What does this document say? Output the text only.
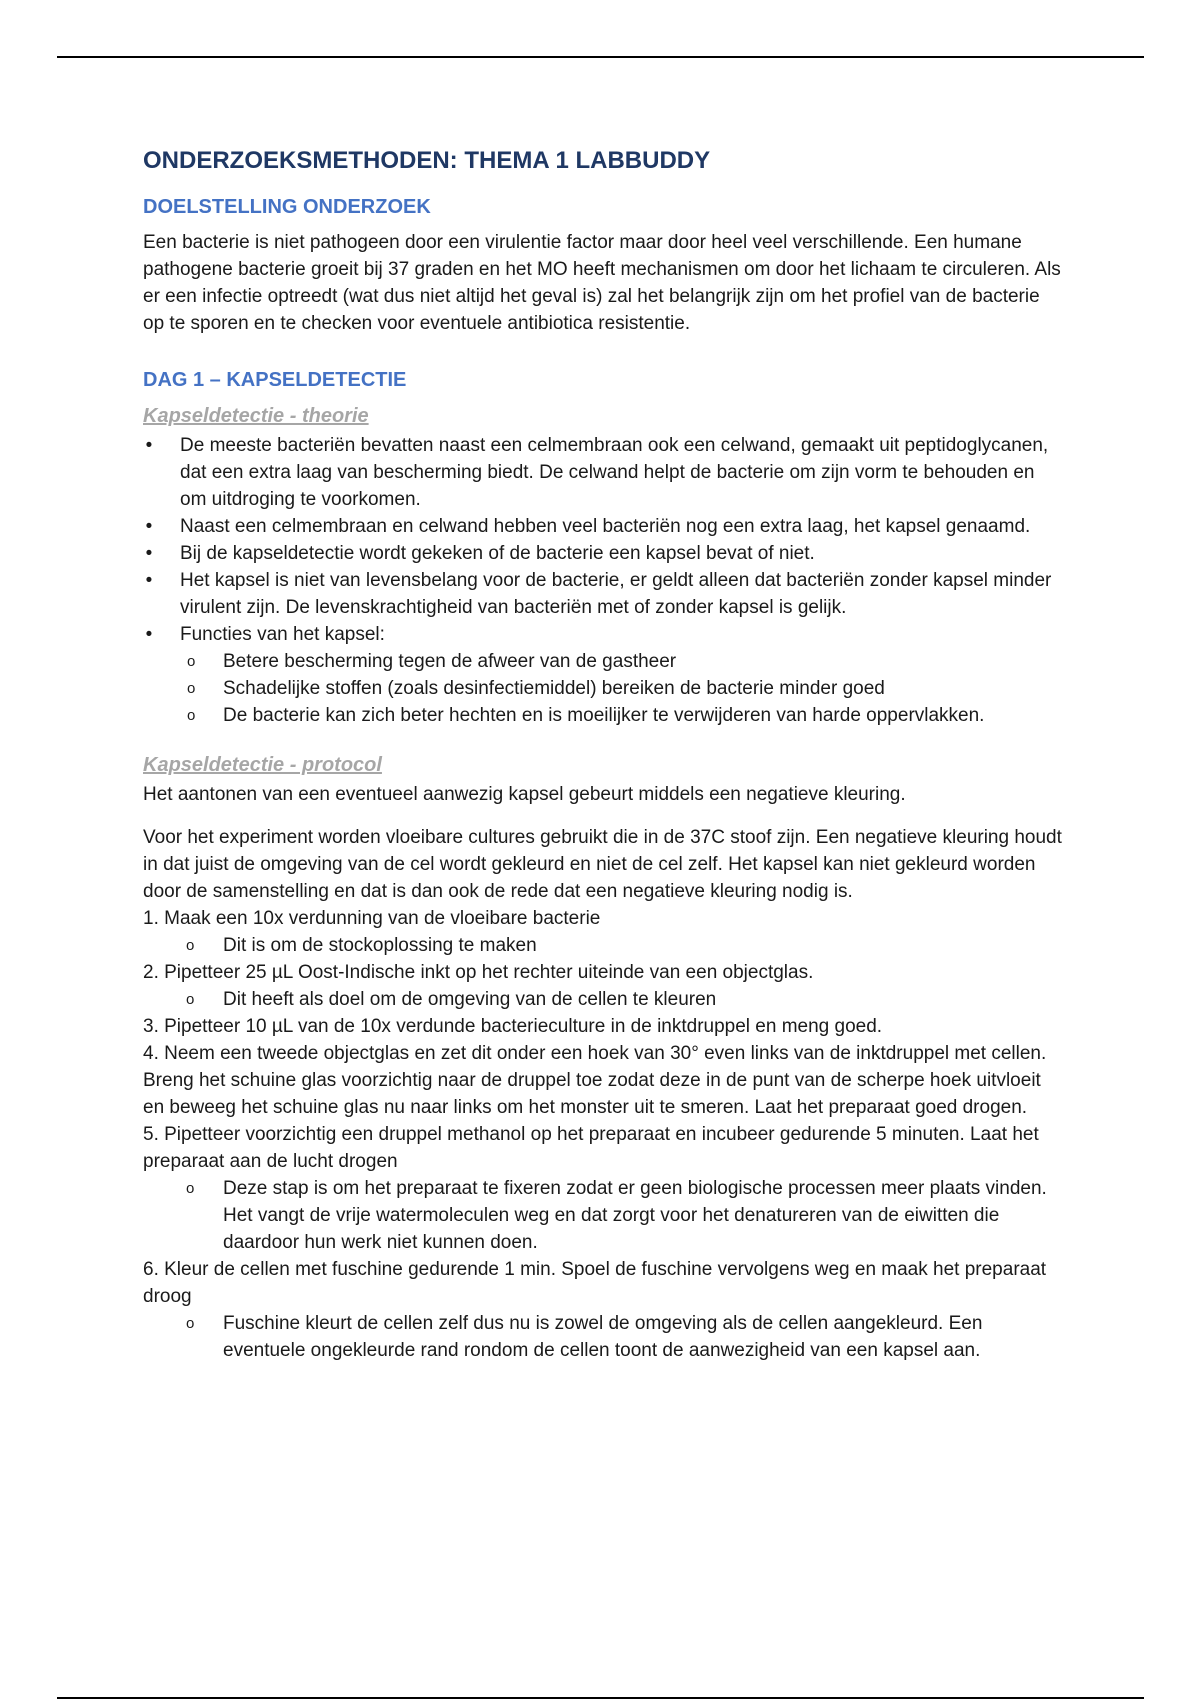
ONDERZOEKSMETHODEN: THEMA 1 LABBUDDY
DOELSTELLING ONDERZOEK

Een bacterie is niet pathogeen door een virulentie factor maar door heel veel verschillende. Een humane pathogene bacterie groeit bij 37 graden en het MO heeft mechanismen om door het lichaam te circuleren. Als er een infectie optreedt (wat dus niet altijd het geval is) zal het belangrijk zijn om het profiel van de bacterie op te sporen en te checken voor eventuele antibiotica resistentie.

DAG 1 – KAPSELDETECTIE
Kapseldetectie - theorie
• De meeste bacteriën bevatten naast een celmembraan ook een celwand, gemaakt uit peptidoglycanen, dat een extra laag van bescherming biedt. De celwand helpt de bacterie om zijn vorm te behouden en om uitdroging te voorkomen.
• Naast een celmembraan en celwand hebben veel bacteriën nog een extra laag, het kapsel genaamd.
• Bij de kapseldetectie wordt gekeken of de bacterie een kapsel bevat of niet.
• Het kapsel is niet van levensbelang voor de bacterie, er geldt alleen dat bacteriën zonder kapsel minder virulent zijn. De levenskrachtigheid van bacteriën met of zonder kapsel is gelijk.
• Functies van het kapsel:
o Betere bescherming tegen de afweer van de gastheer
o Schadelijke stoffen (zoals desinfectiemiddel) bereiken de bacterie minder goed
o De bacterie kan zich beter hechten en is moeilijker te verwijderen van harde oppervlakken.
Kapseldetectie - protocol

Het aantonen van een eventueel aanwezig kapsel gebeurt middels een negatieve kleuring.

Voor het experiment worden vloeibare cultures gebruikt die in de 37C stoof zijn. Een negatieve kleuring houdt in dat juist de omgeving van de cel wordt gekleurd en niet de cel zelf. Het kapsel kan niet gekleurd worden door de samenstelling en dat is dan ook de rede dat een negatieve kleuring nodig is.

1. Maak een 10x verdunning van de vloeibare bacterie

o Dit is om de stockoplossing te maken

2. Pipetteer 25 µL Oost-Indische inkt op het rechter uiteinde van een objectglas.

o Dit heeft als doel om de omgeving van de cellen te kleuren

3. Pipetteer 10 µL van de 10x verdunde bacterieculture in de inktdruppel en meng goed.

4. Neem een tweede objectglas en zet dit onder een hoek van 30° even links van de inktdruppel met cellen. Breng het schuine glas voorzichtig naar de druppel toe zodat deze in de punt van de scherpe hoek uitvloeit en beweeg het schuine glas nu naar links om het monster uit te smeren. Laat het preparaat goed drogen.

5. Pipetteer voorzichtig een druppel methanol op het preparaat en incubeer gedurende 5 minuten. Laat het preparaat aan de lucht drogen

o Deze stap is om het preparaat te fixeren zodat er geen biologische processen meer plaats vinden. Het vangt de vrije watermoleculen weg en dat zorgt voor het denatureren van de eiwitten die daardoor hun werk niet kunnen doen.

6. Kleur de cellen met fuschine gedurende 1 min. Spoel de fuschine vervolgens weg en maak het preparaat droog

o Fuschine kleurt de cellen zelf dus nu is zowel de omgeving als de cellen aangekleurd. Een eventuele ongekleurde rand rondom de cellen toont de aanwezigheid van een kapsel aan.
